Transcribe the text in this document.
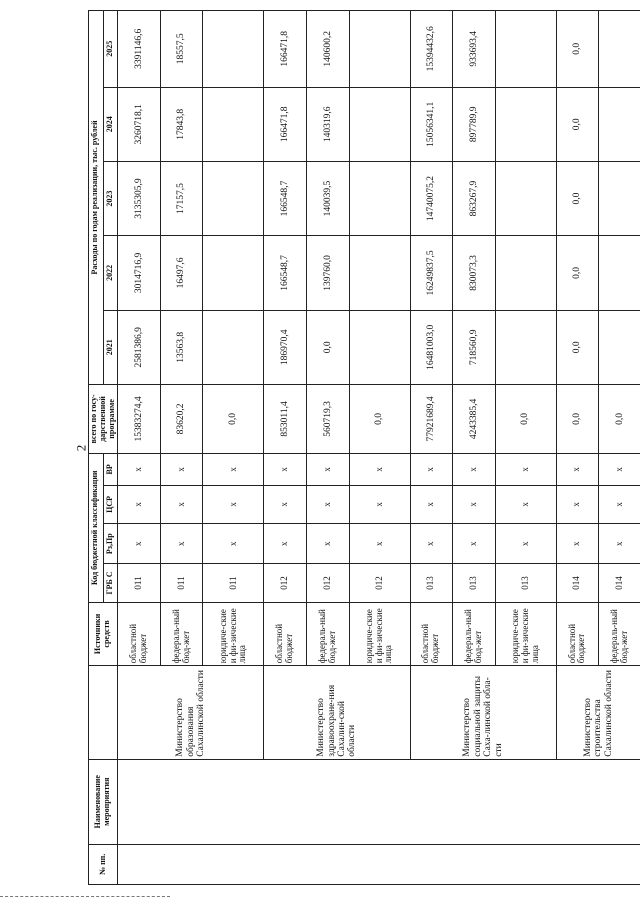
2
№ пп.	Наименование мероприятия		Источники средств	Код бюджетной классификации				всего по госу-дарственной программе	Расходы по годам реализации, тыс. рублей				
				ГРБ С	Рз,Пр	ЦСР	ВР		2021	2022	2023	2024	2025
		Министерство образования Сахалинской области	областной бюджет	011	x	x	x	15383274,4	2581386,9	3014716,9	3135305,9	3260718,1	3391146,6
			федераль-ный бюд-жет	011	x	x	x	83620,2	13563,8	16497,6	17157,5	17843,8	18557,5
			юридиче-ские и фи-зические лица	011	x	x	x	0,0					
		Министерство здравоохране-ния Сахалин-ской области	областной бюджет	012	x	x	x	853011,4	186970,4	166548,7	166548,7	166471,8	166471,8
			федераль-ный бюд-жет	012	x	x	x	560719,3	0,0	139760,0	140039,5	140319,6	140600,2
			юридиче-ские и фи-зические лица	012	x	x	x	0,0					
		Министерство социальной защиты Саха-линской обла-сти	областной бюджет	013	x	x	x	77921689,4	16481003,0	16249837,5	14740075,2	15056341,1	15394432,6
			федераль-ный бюд-жет	013	x	x	x	4243385,4	718560,9	830073,3	863267,9	897789,9	933693,4
			юридиче-ские и фи-зические лица	013	x	x	x	0,0					
		Министерство строительства Сахалинской области	областной бюджет	014	x	x	x	0,0	0,0	0,0	0,0	0,0	0,0
			федераль-ный бюд-жет	014	x	x	x	0,0					
